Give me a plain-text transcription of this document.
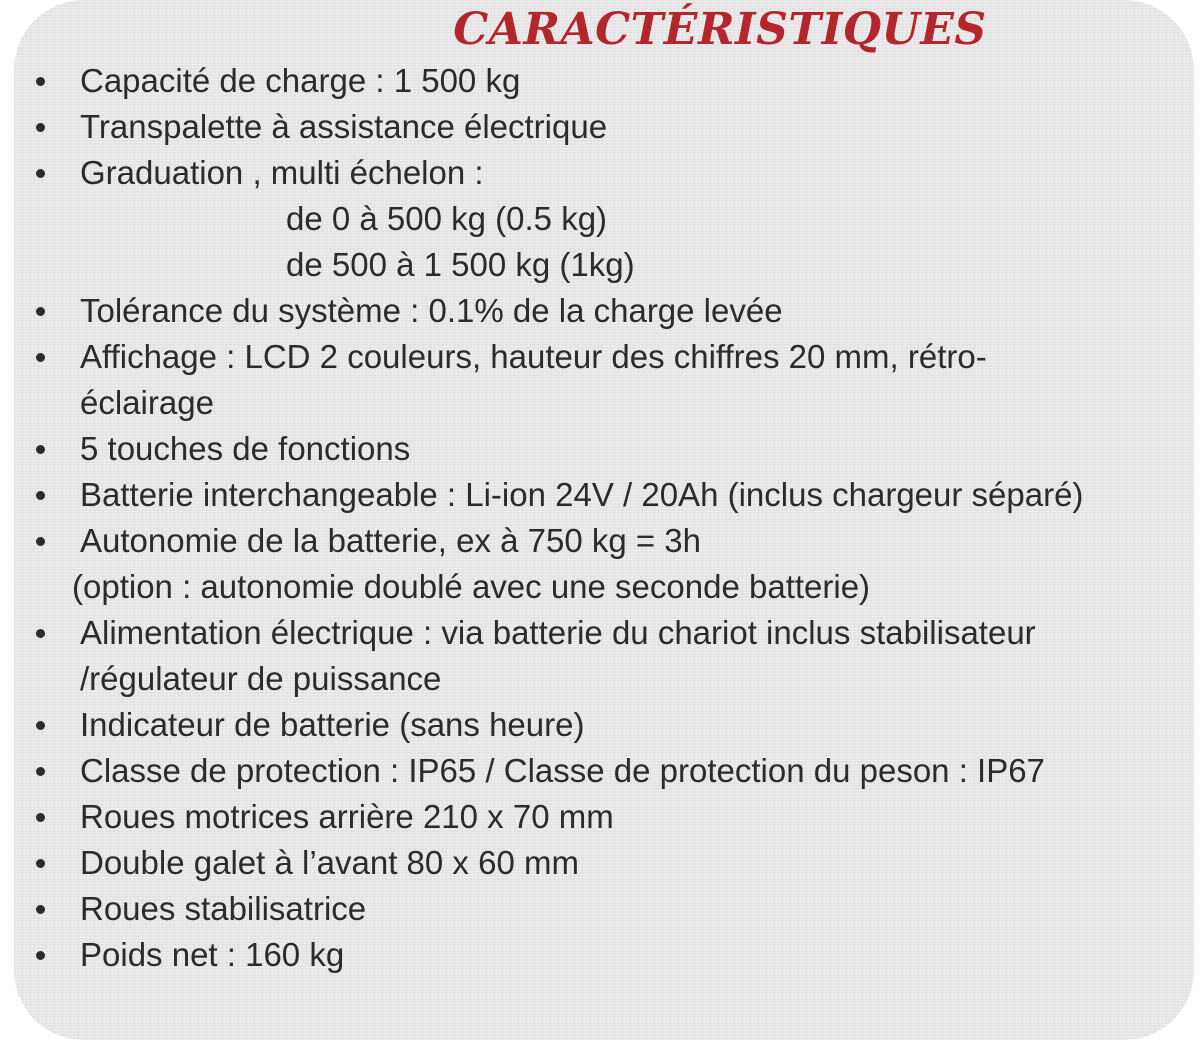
CARACTÉRISTIQUES
Capacité de charge : 1 500 kg
Transpalette à assistance électrique
Graduation , multi échelon :
de 0 à 500 kg (0.5 kg)
de 500 à 1 500 kg (1kg)
Tolérance du système : 0.1% de la charge levée
Affichage : LCD 2 couleurs, hauteur des chiffres 20 mm, rétro-
éclairage
5 touches de fonctions
Batterie interchangeable : Li-ion 24V / 20Ah (inclus chargeur séparé)
Autonomie de la batterie, ex à 750 kg = 3h
(option : autonomie doublé avec une seconde batterie)
Alimentation électrique : via batterie du chariot inclus stabilisateur
/régulateur de puissance
Indicateur de batterie (sans heure)
Classe de protection : IP65 / Classe de protection du peson : IP67
Roues motrices arrière 210 x 70 mm
Double galet à l’avant 80 x 60 mm
Roues stabilisatrice
Poids net : 160 kg
